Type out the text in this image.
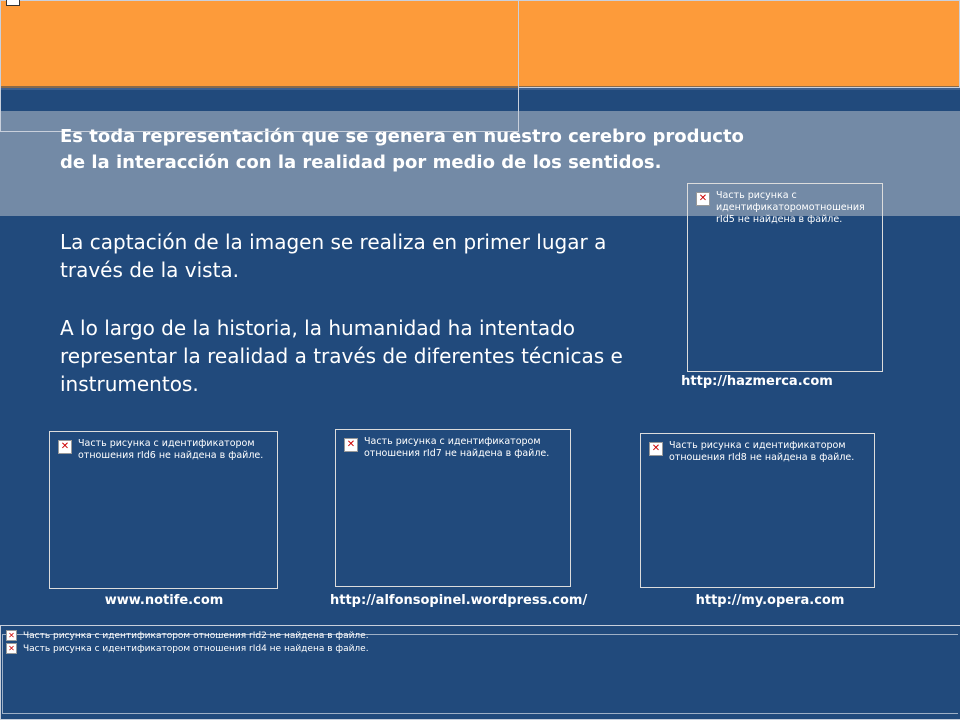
Es toda representación que se genera en nuestro cerebro producto
de la interacción con la realidad por medio de los sentidos.
La captación de la imagen se realiza en primer lugar a través de la vista.
A lo largo de la historia, la humanidad ha intentado representar la realidad a través de diferentes técnicas e instrumentos.
✕ Часть рисунка с идентификаторомотношения rId5 не найдена в файле.
http://hazmerca.com
✕ Часть рисунка с идентификатором отношения rId6 не найдена в файле.
www.notife.com
✕ Часть рисунка с идентификатором отношения rId7 не найдена в файле.
http://alfonsopinel.wordpress.com/
✕ Часть рисунка с идентификатором отношения rId8 не найдена в файле.
http://my.opera.com
✕ Часть рисунка с идентификатором отношения rId2 не найдена в файле.
✕ Часть рисунка с идентификатором отношения rId4 не найдена в файле.
